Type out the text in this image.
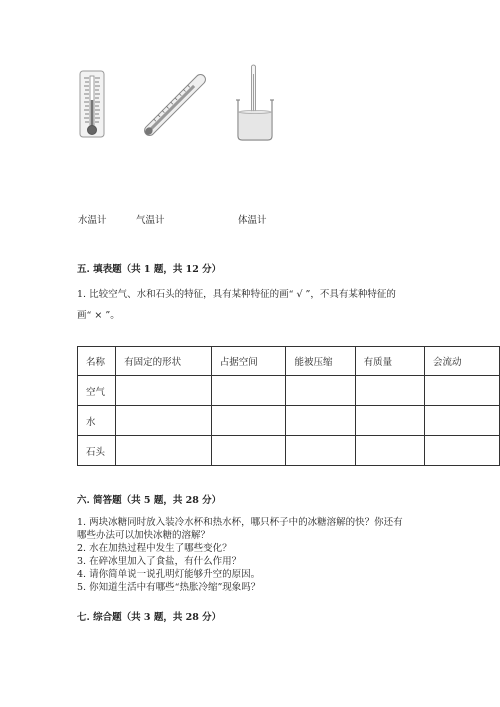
水温计	气温计	体温计
五. 填表题（共 1 题，共 12 分）
1. 比较空气、水和石头的特征，具有某种特征的画“ √ ”，不具有某种特征的
画“ × ”。
名称	有固定的形状	占据空间	能被压缩	有质量	会流动
空气					
水					
石头					
六. 简答题（共 5 题，共 28 分）
1. 两块冰糖同时放入装冷水杯和热水杯，哪只杯子中的冰糖溶解的快？你还有
哪些办法可以加快冰糖的溶解？
2. 水在加热过程中发生了哪些变化？
3. 在碎冰里加入了食盐，有什么作用？
4. 请你简单说一说孔明灯能够升空的原因。
5. 你知道生活中有哪些“热胀冷缩”现象吗？
七. 综合题（共 3 题，共 28 分）
